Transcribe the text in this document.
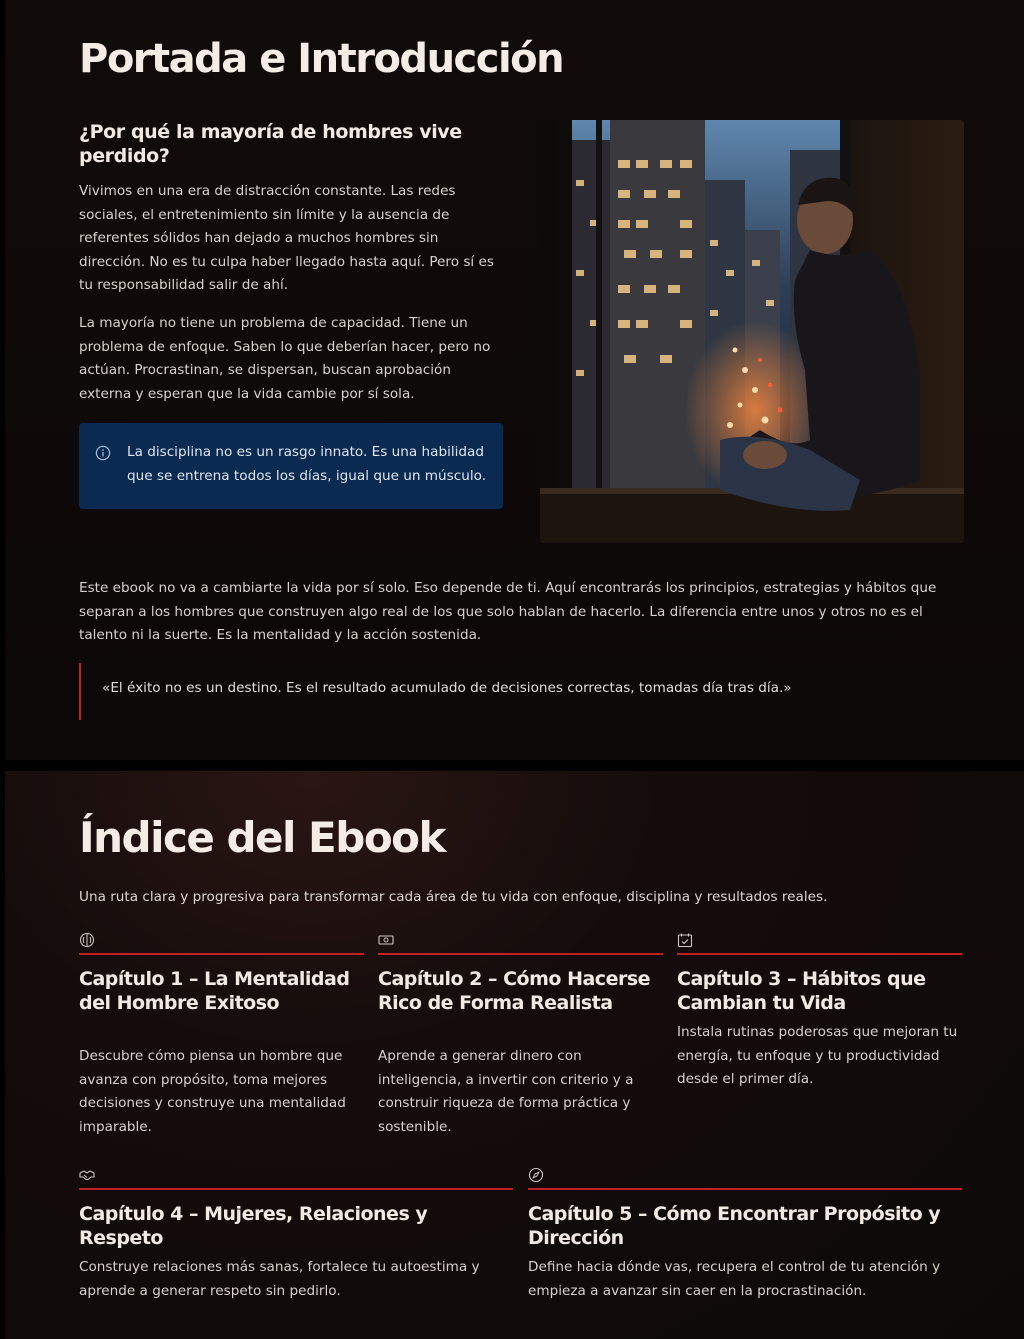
Portada e Introducción
¿Por qué la mayoría de hombres vive perdido?

Vivimos en una era de distracción constante. Las redes sociales, el entretenimiento sin límite y la ausencia de referentes sólidos han dejado a muchos hombres sin dirección. No es tu culpa haber llegado hasta aquí. Pero sí es tu responsabilidad salir de ahí.

La mayoría no tiene un problema de capacidad. Tiene un problema de enfoque. Saben lo que deberían hacer, pero no actúan. Procrastinan, se dispersan, buscan aprobación externa y esperan que la vida cambie por sí sola.

La disciplina no es un rasgo innato. Es una habilidad que se entrena todos los días, igual que un músculo.

Este ebook no va a cambiarte la vida por sí solo. Eso depende de ti. Aquí encontrarás los principios, estrategias y hábitos que separan a los hombres que construyen algo real de los que solo hablan de hacerlo. La diferencia entre unos y otros no es el talento ni la suerte. Es la mentalidad y la acción sostenida.

«El éxito no es un destino. Es el resultado acumulado de decisiones correctas, tomadas día tras día.»
Índice del Ebook

Una ruta clara y progresiva para transformar cada área de tu vida con enfoque, disciplina y resultados reales.

Capítulo 1 – La Mentalidad del Hombre Exitoso

Descubre cómo piensa un hombre que avanza con propósito, toma mejores decisiones y construye una mentalidad imparable.

Capítulo 2 – Cómo Hacerse Rico de Forma Realista

Aprende a generar dinero con inteligencia, a invertir con criterio y a construir riqueza de forma práctica y sostenible.

Capítulo 3 – Hábitos que Cambian tu Vida

Instala rutinas poderosas que mejoran tu energía, tu enfoque y tu productividad desde el primer día.

Capítulo 4 – Mujeres, Relaciones y Respeto

Construye relaciones más sanas, fortalece tu autoestima y aprende a generar respeto sin pedirlo.

Capítulo 5 – Cómo Encontrar Propósito y Dirección

Define hacia dónde vas, recupera el control de tu atención y empieza a avanzar sin caer en la procrastinación.
